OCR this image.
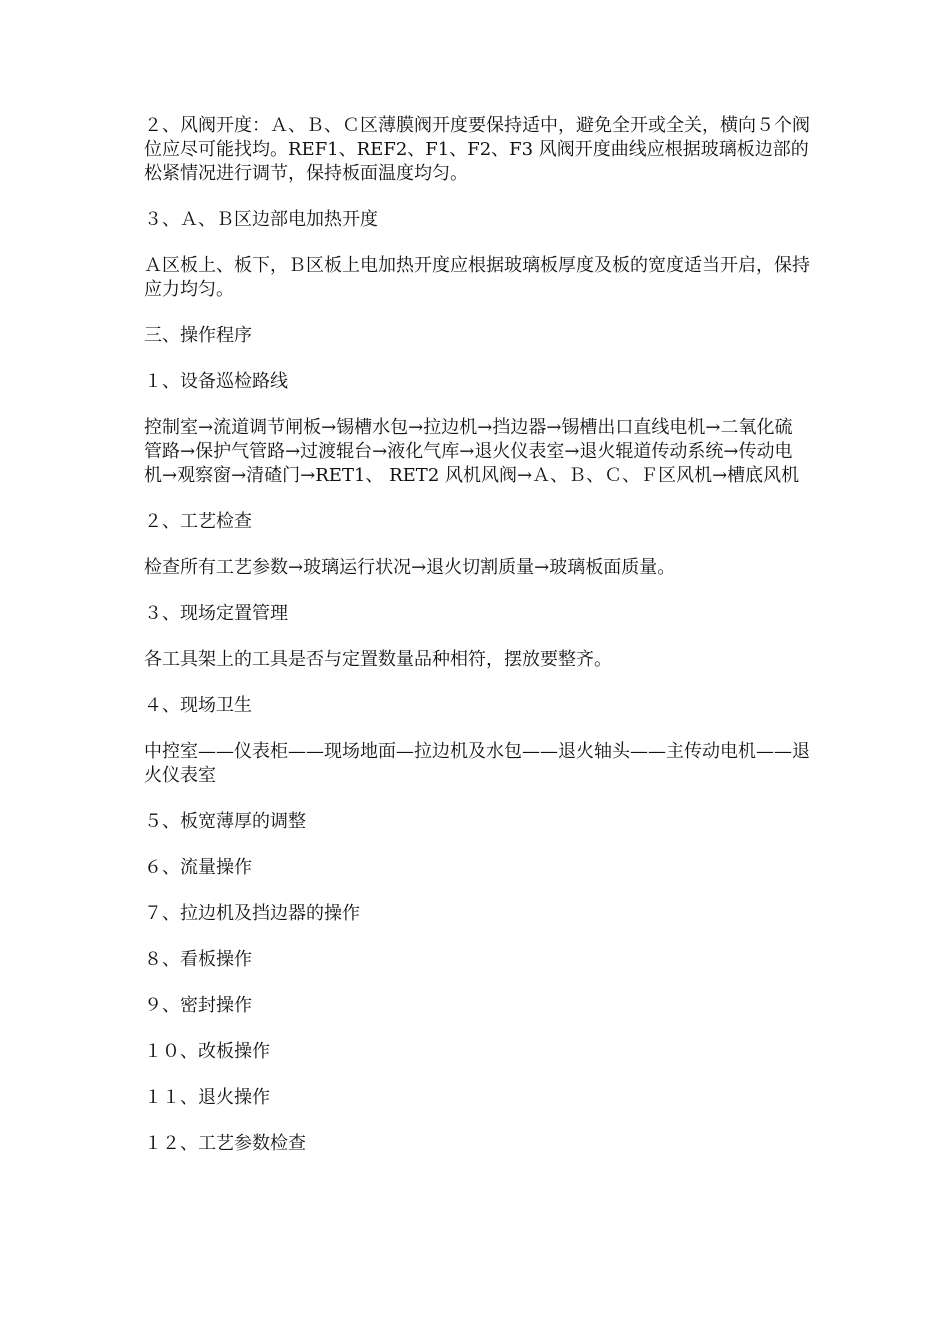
２、风阀开度：Ａ、Ｂ、Ｃ区薄膜阀开度要保持适中，避免全开或全关，横向５个阀位应尽可能找均。REF1、REF2、F1、F2、F3 风阀开度曲线应根据玻璃板边部的松紧情况进行调节，保持板面温度均匀。

３、Ａ、Ｂ区边部电加热开度

Ａ区板上、板下，Ｂ区板上电加热开度应根据玻璃板厚度及板的宽度适当开启，保持应力均匀。

三、操作程序

１、设备巡检路线

控制室→流道调节闸板→锡槽水包→拉边机→挡边器→锡槽出口直线电机→二氧化硫管路→保护气管路→过渡辊台→液化气库→退火仪表室→退火辊道传动系统→传动电机→观察窗→清碴门→RET1、 RET2 风机风阀→Ａ、Ｂ、Ｃ、Ｆ区风机→槽底风机

２、工艺检查

检查所有工艺参数→玻璃运行状况→退火切割质量→玻璃板面质量。

３、现场定置管理

各工具架上的工具是否与定置数量品种相符，摆放要整齐。

４、现场卫生

中控室——仪表柜——现场地面—拉边机及水包——退火轴头——主传动电机——退火仪表室

５、板宽薄厚的调整

６、流量操作

７、拉边机及挡边器的操作

８、看板操作

９、密封操作

１０、改板操作

１１、退火操作

１２、工艺参数检查
